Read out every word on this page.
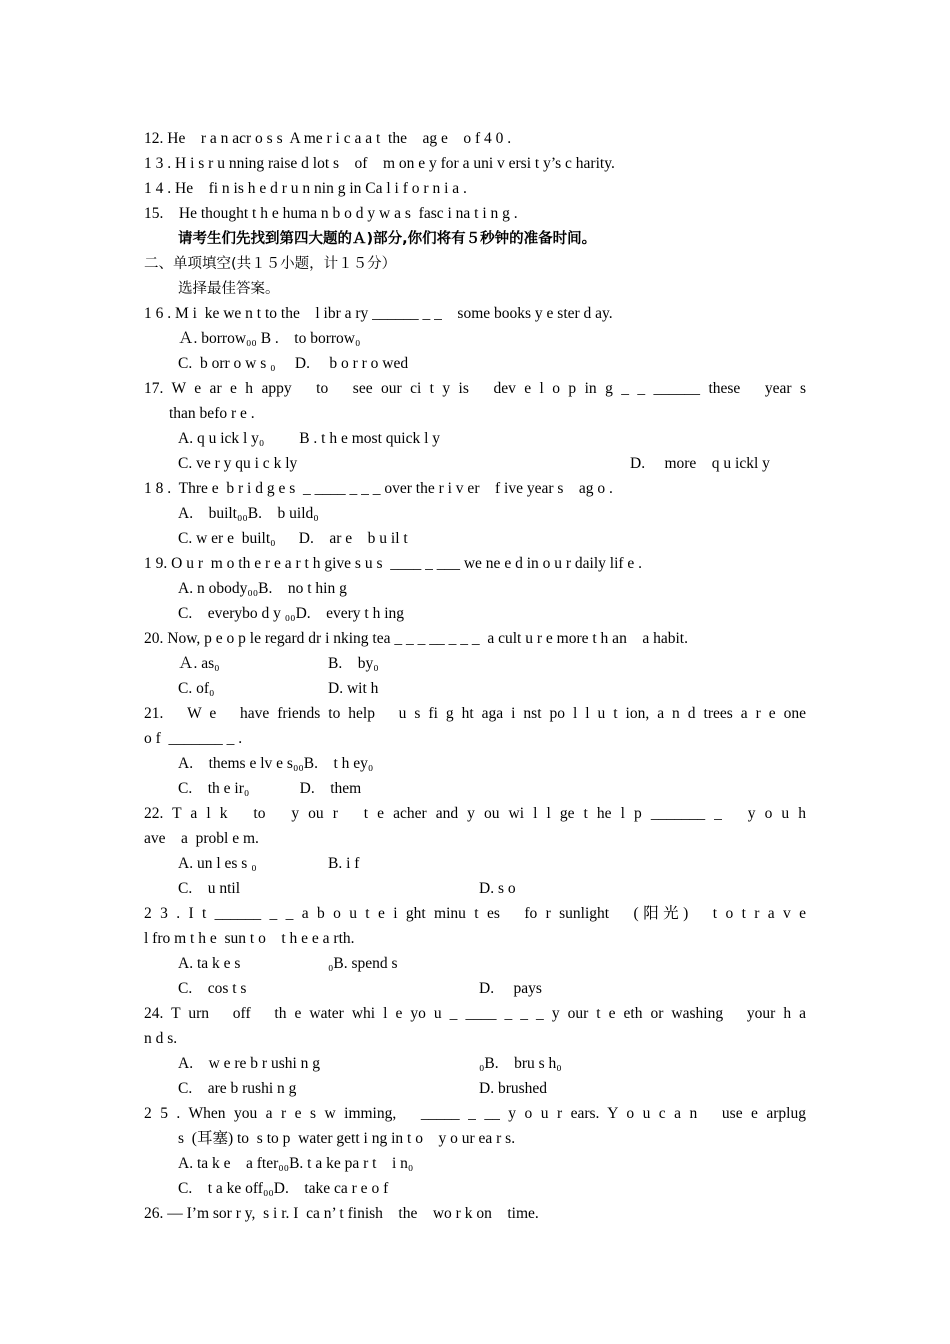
12. He　r a n acr o s s  A me r i c a a t  the　ag e　o f 4 0 .
1 3 . H i s r u nning raise d lot s　of　m on e y for a uni v ersi t y’s c harity.
1 4 . He　fi n is h e d r u n nin g in Ca l i f o r n i a .
15.　He thought t h e huma n b o d y w a s  fasc i na t i n g .
请考生们先找到第四大题的Ａ)部分,你们将有５秒钟的准备时间。
二、单项填空(共１５小题，计１５分）
选择最佳答案。
1 6 . M i  ke we n t to the　l ibr a ry ______ _ _　some books y e ster d ay.
Ａ. borrow₀₀ B .　to borrow₀
C.  b orr o w s ₀　 D.　 b o r r o wed
17. W e ar e h appy　to　see our ci t y is　dev e l o p in g _ _ ______ these　year s
than befo r e .
A. q u ick l y₀　　 B . t h e most quick l y
C. ve r y qu i c k ly	D.　 more　q u ickl y
1 8 .  Thre e  b r i d g e s  _ ____ _ _ _ over the r i v er　f ive year s　ag o .
A.　built₀₀B.　b uild₀
C. w er e  built₀　  D.　ar e　b u il t
1 9. O u r  m o th e r e a r t h give s u s  ____ _ ___ we ne e d in o u r daily lif e .
A. n obody₀₀B.　no t hin g
C.　everybo d y ₀₀D.　every t h ing
20. Now, p e o p le regard dr i nking tea _ _ _ __ _ _ _  a cult u r e more t h an　a habit.
Ａ. as₀	B.　by₀
C. of₀	D. wit h
21.　W e　have friends to help　u s fi g ht aga i nst po l l u t ion, a n d trees a r e one
o f  _______ _ .
A.　thems e lv e s₀₀B.　t h ey₀
C.　th e ir₀　　　 D.　them
22. T a l k　to　y ou r　t e acher and y ou wi l l ge t he l p _______ _　y o u h
ave　a  probl e m.
A. un l es s ₀	B. i f
C.　u ntil	D. s o
2 3 . I t ______ _ _ a b o u t e i ght minu t es　fo r sunlight　(阳光)　t o t r a v e
l fro m t h e  sun t o　t h e e a rth.
A. ta k e s	₀B. spend s
C.　cos t s	D.　 pays
24. T urn　off　th e water whi l e yo u _ ____ _ _ _ y our t e eth or washing　your h a
n d s.
A.　w e re b r ushi n g	₀B.　bru s h₀
C.　are b rushi n g	D. brushed
2 5 . When you a r e s w imming,　_____ _ __ y o u r ears. Y o u c a n　use e arplug
s  (耳塞) to  s to p  water gett i ng in t o　y o ur ea r s.
A. ta k e　a fter₀₀B. t a ke pa r t　i n₀
C.　t a ke off₀₀D.　take ca r e o f
26. — I’m sor r y,  s i r. I  ca n’ t finish　the　wo r k on　time.
